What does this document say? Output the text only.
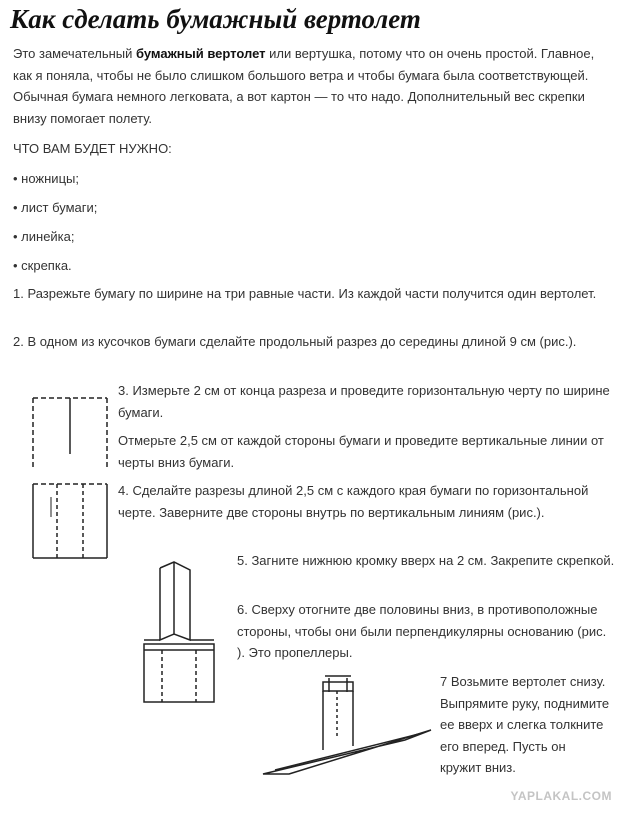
Как сделать бумажный вертолет

Это замечательный бумажный вертолет или вертушка, потому что он очень простой. Главное, как я поняла, чтобы не было слишком большого ветра и чтобы бумага была соответствующей. Обычная бумага немного легковата, а вот картон — то что надо. Дополнительный вес скрепки внизу помогает полету.

ЧТО ВАМ БУДЕТ НУЖНО:
• ножницы;
• лист бумаги;
• линейка;
• скрепка.

1. Разрежьте бумагу по ширине на три равные части. Из каждой части получится один вертолет.

2. В одном из кусочков бумаги сделайте продольный разрез до середины длиной 9 см (рис.).

3. Измерьте 2 см от конца разреза и проведите горизонтальную черту по ширине бумаги.

Отмерьте 2,5 см от каждой стороны бумаги и проведите вертикальные линии от черты вниз бумаги.

4. Сделайте разрезы длиной 2,5 см с каждого края бумаги по горизонтальной черте. Заверните две стороны внутрь по вертикальным линиям (рис.).

5. Загните нижнюю кромку вверх на 2 см. Закрепите скрепкой.

6. Сверху отогните две половины вниз, в противоположные стороны, чтобы они были перпендикулярны основанию (рис. ). Это пропеллеры.

7 Возьмите вертолет снизу. Выпрямите руку, поднимите ее вверх и слегка толкните его вперед. Пусть он кружит вниз.

YAPLAKAL.COM
